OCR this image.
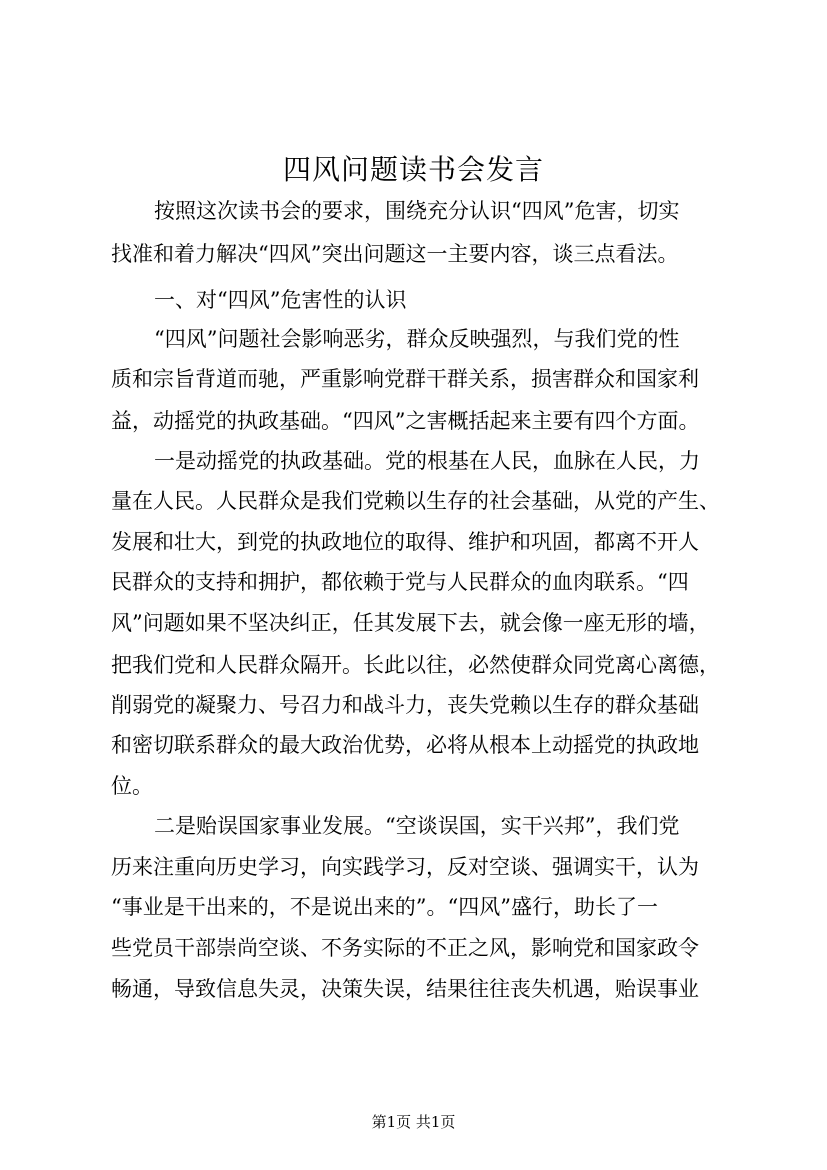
四风问题读书会发言
按照这次读书会的要求，围绕充分认识“四风”危害，切实
找准和着力解决“四风”突出问题这一主要内容，谈三点看法。
一、对“四风”危害性的认识
“四风”问题社会影响恶劣，群众反映强烈，与我们党的性
质和宗旨背道而驰，严重影响党群干群关系，损害群众和国家利
益，动摇党的执政基础。“四风”之害概括起来主要有四个方面。
一是动摇党的执政基础。党的根基在人民，血脉在人民，力
量在人民。人民群众是我们党赖以生存的社会基础，从党的产生、
发展和壮大，到党的执政地位的取得、维护和巩固，都离不开人
民群众的支持和拥护，都依赖于党与人民群众的血肉联系。“四
风”问题如果不坚决纠正，任其发展下去，就会像一座无形的墙，
把我们党和人民群众隔开。长此以往，必然使群众同党离心离德，
削弱党的凝聚力、号召力和战斗力，丧失党赖以生存的群众基础
和密切联系群众的最大政治优势，必将从根本上动摇党的执政地
位。
二是贻误国家事业发展。“空谈误国，实干兴邦”，我们党
历来注重向历史学习，向实践学习，反对空谈、强调实干，认为
“事业是干出来的，不是说出来的”。“四风”盛行，助长了一
些党员干部崇尚空谈、不务实际的不正之风，影响党和国家政令
畅通，导致信息失灵，决策失误，结果往往丧失机遇，贻误事业
第1页 共1页
